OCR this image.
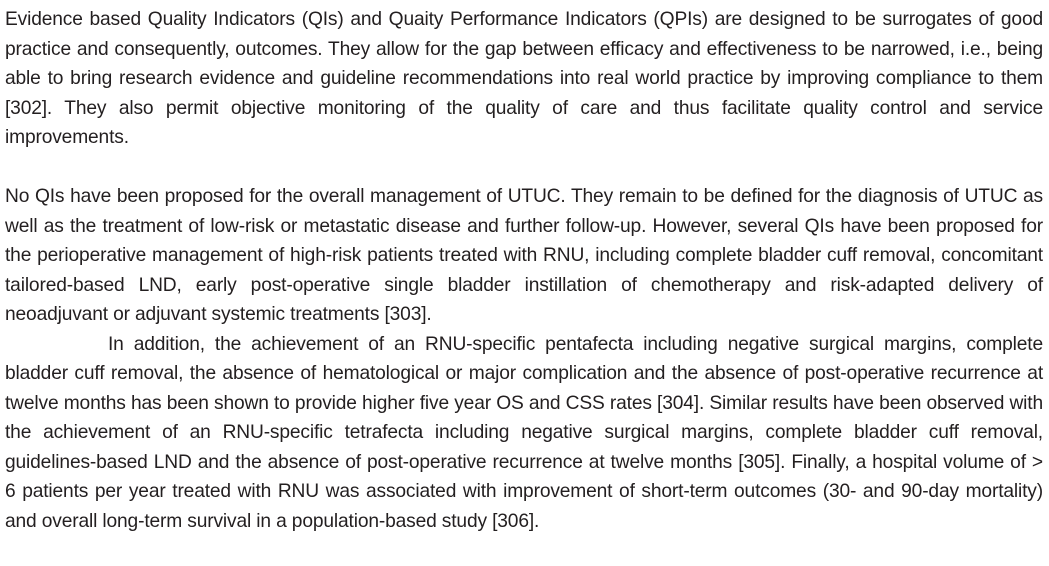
Evidence based Quality Indicators (QIs) and Quaity Performance Indicators (QPIs) are designed to be surrogates of good practice and consequently, outcomes. They allow for the gap between efficacy and effectiveness to be narrowed, i.e., being able to bring research evidence and guideline recommendations into real world practice by improving compliance to them [302]. They also permit objective monitoring of the quality of care and thus facilitate quality control and service improvements.

No QIs have been proposed for the overall management of UTUC. They remain to be defined for the diagnosis of UTUC as well as the treatment of low-risk or metastatic disease and further follow-up. However, several QIs have been proposed for the perioperative management of high-risk patients treated with RNU, including complete bladder cuff removal, concomitant tailored-based LND, early post-operative single bladder instillation of chemotherapy and risk-adapted delivery of neoadjuvant or adjuvant systemic treatments [303].

In addition, the achievement of an RNU-specific pentafecta including negative surgical margins, complete bladder cuff removal, the absence of hematological or major complication and the absence of post-operative recurrence at twelve months has been shown to provide higher five year OS and CSS rates [304]. Similar results have been observed with the achievement of an RNU-specific tetrafecta including negative surgical margins, complete bladder cuff removal, guidelines-based LND and the absence of post-operative recurrence at twelve months [305]. Finally, a hospital volume of > 6 patients per year treated with RNU was associated with improvement of short-term outcomes (30- and 90-day mortality) and overall long-term survival in a population-based study [306].
